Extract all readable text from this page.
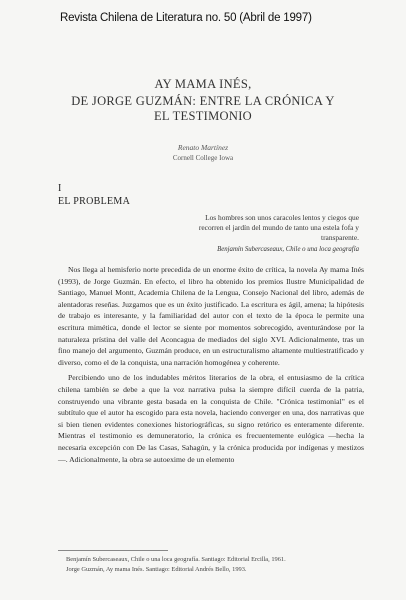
Revista Chilena de Literatura no. 50 (Abril de 1997)
AY MAMA INÉS,
DE JORGE GUZMÁN: ENTRE LA CRÓNICA Y
EL TESTIMONIO
Renato Martínez
Cornell College Iowa
I
EL PROBLEMA
Los hombres son unos caracoles lentos y ciegos que
recorren el jardín del mundo de tanto una estela fofa y
transparente.
Benjamín Subercaseaux, Chile o una loca geografía

Nos llega al hemisferio norte precedida de un enorme éxito de crítica, la novela Ay mama Inés (1993), de Jorge Guzmán. En efecto, el libro ha obtenido los premios Ilustre Municipalidad de Santiago, Manuel Montt, Academia Chilena de la Lengua, Consejo Nacional del libro, además de alentadoras reseñas. Juzgamos que es un éxito justificado. La escritura es ágil, amena; la hipótesis de trabajo es interesante, y la familiaridad del autor con el texto de la época le permite una escritura mimética, donde el lector se siente por momentos sobrecogido, aventurándose por la naturaleza prístina del valle del Aconcagua de mediados del siglo XVI. Adicionalmente, tras un fino manejo del argumento, Guzmán produce, en un estructuralismo altamente multiestratificado y diverso, como el de la conquista, una narración homogénea y coherente.

Percibiendo uno de los indudables méritos literarios de la obra, el entusiasmo de la crítica chilena también se debe a que la voz narrativa pulsa la siempre difícil cuerda de la patria, construyendo una vibrante gesta basada en la conquista de Chile. "Crónica testimonial" es el subtítulo que el autor ha escogido para esta novela, haciendo converger en una, dos narrativas que si bien tienen evidentes conexiones historiográficas, su signo retórico es enteramente diferente. Mientras el testimonio es demuneratorio, la crónica es frecuentemente eulógica —hecha la necesaria excepción con De las Casas, Sahagún, y la crónica producida por indígenas y mestizos—. Adicionalmente, la obra se autoexime de un elemento

Benjamín Subercaseaux, Chile o una loca geografía. Santiago: Editorial Ercilla, 1961.
Jorge Guzmán, Ay mama Inés. Santiago: Editorial Andrés Bello, 1993.
